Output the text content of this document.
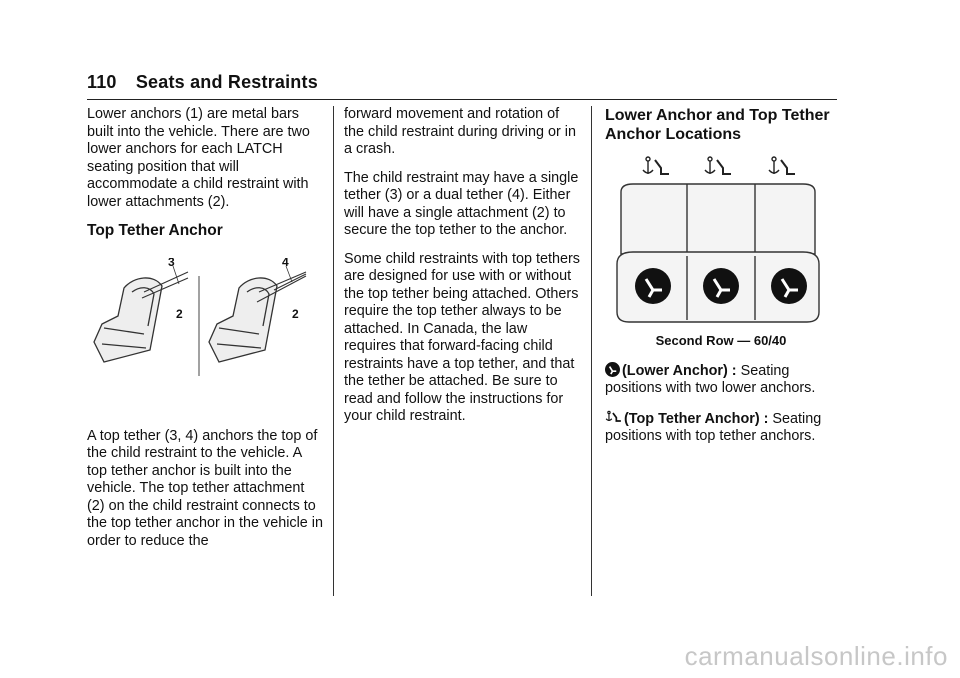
110 Seats and Restraints

Lower anchors (1) are metal bars built into the vehicle. There are two lower anchors for each LATCH seating position that will accommodate a child restraint with lower attachments (2).

Top Tether Anchor
3
2
4
2

A top tether (3, 4) anchors the top of the child restraint to the vehicle. A top tether anchor is built into the vehicle. The top tether attachment (2) on the child restraint connects to the top tether anchor in the vehicle in order to reduce the

forward movement and rotation of the child restraint during driving or in a crash.

The child restraint may have a single tether (3) or a dual tether (4). Either will have a single attachment (2) to secure the top tether to the anchor.

Some child restraints with top tethers are designed for use with or without the top tether being attached. Others require the top tether always to be attached. In Canada, the law requires that forward-facing child restraints have a top tether, and that the tether be attached. Be sure to read and follow the instructions for your child restraint.

Lower Anchor and Top Tether Anchor Locations
Second Row — 60/40

(Lower Anchor) : Seating positions with two lower anchors.

(Top Tether Anchor) : Seating positions with top tether anchors.

carmanualsonline.info
